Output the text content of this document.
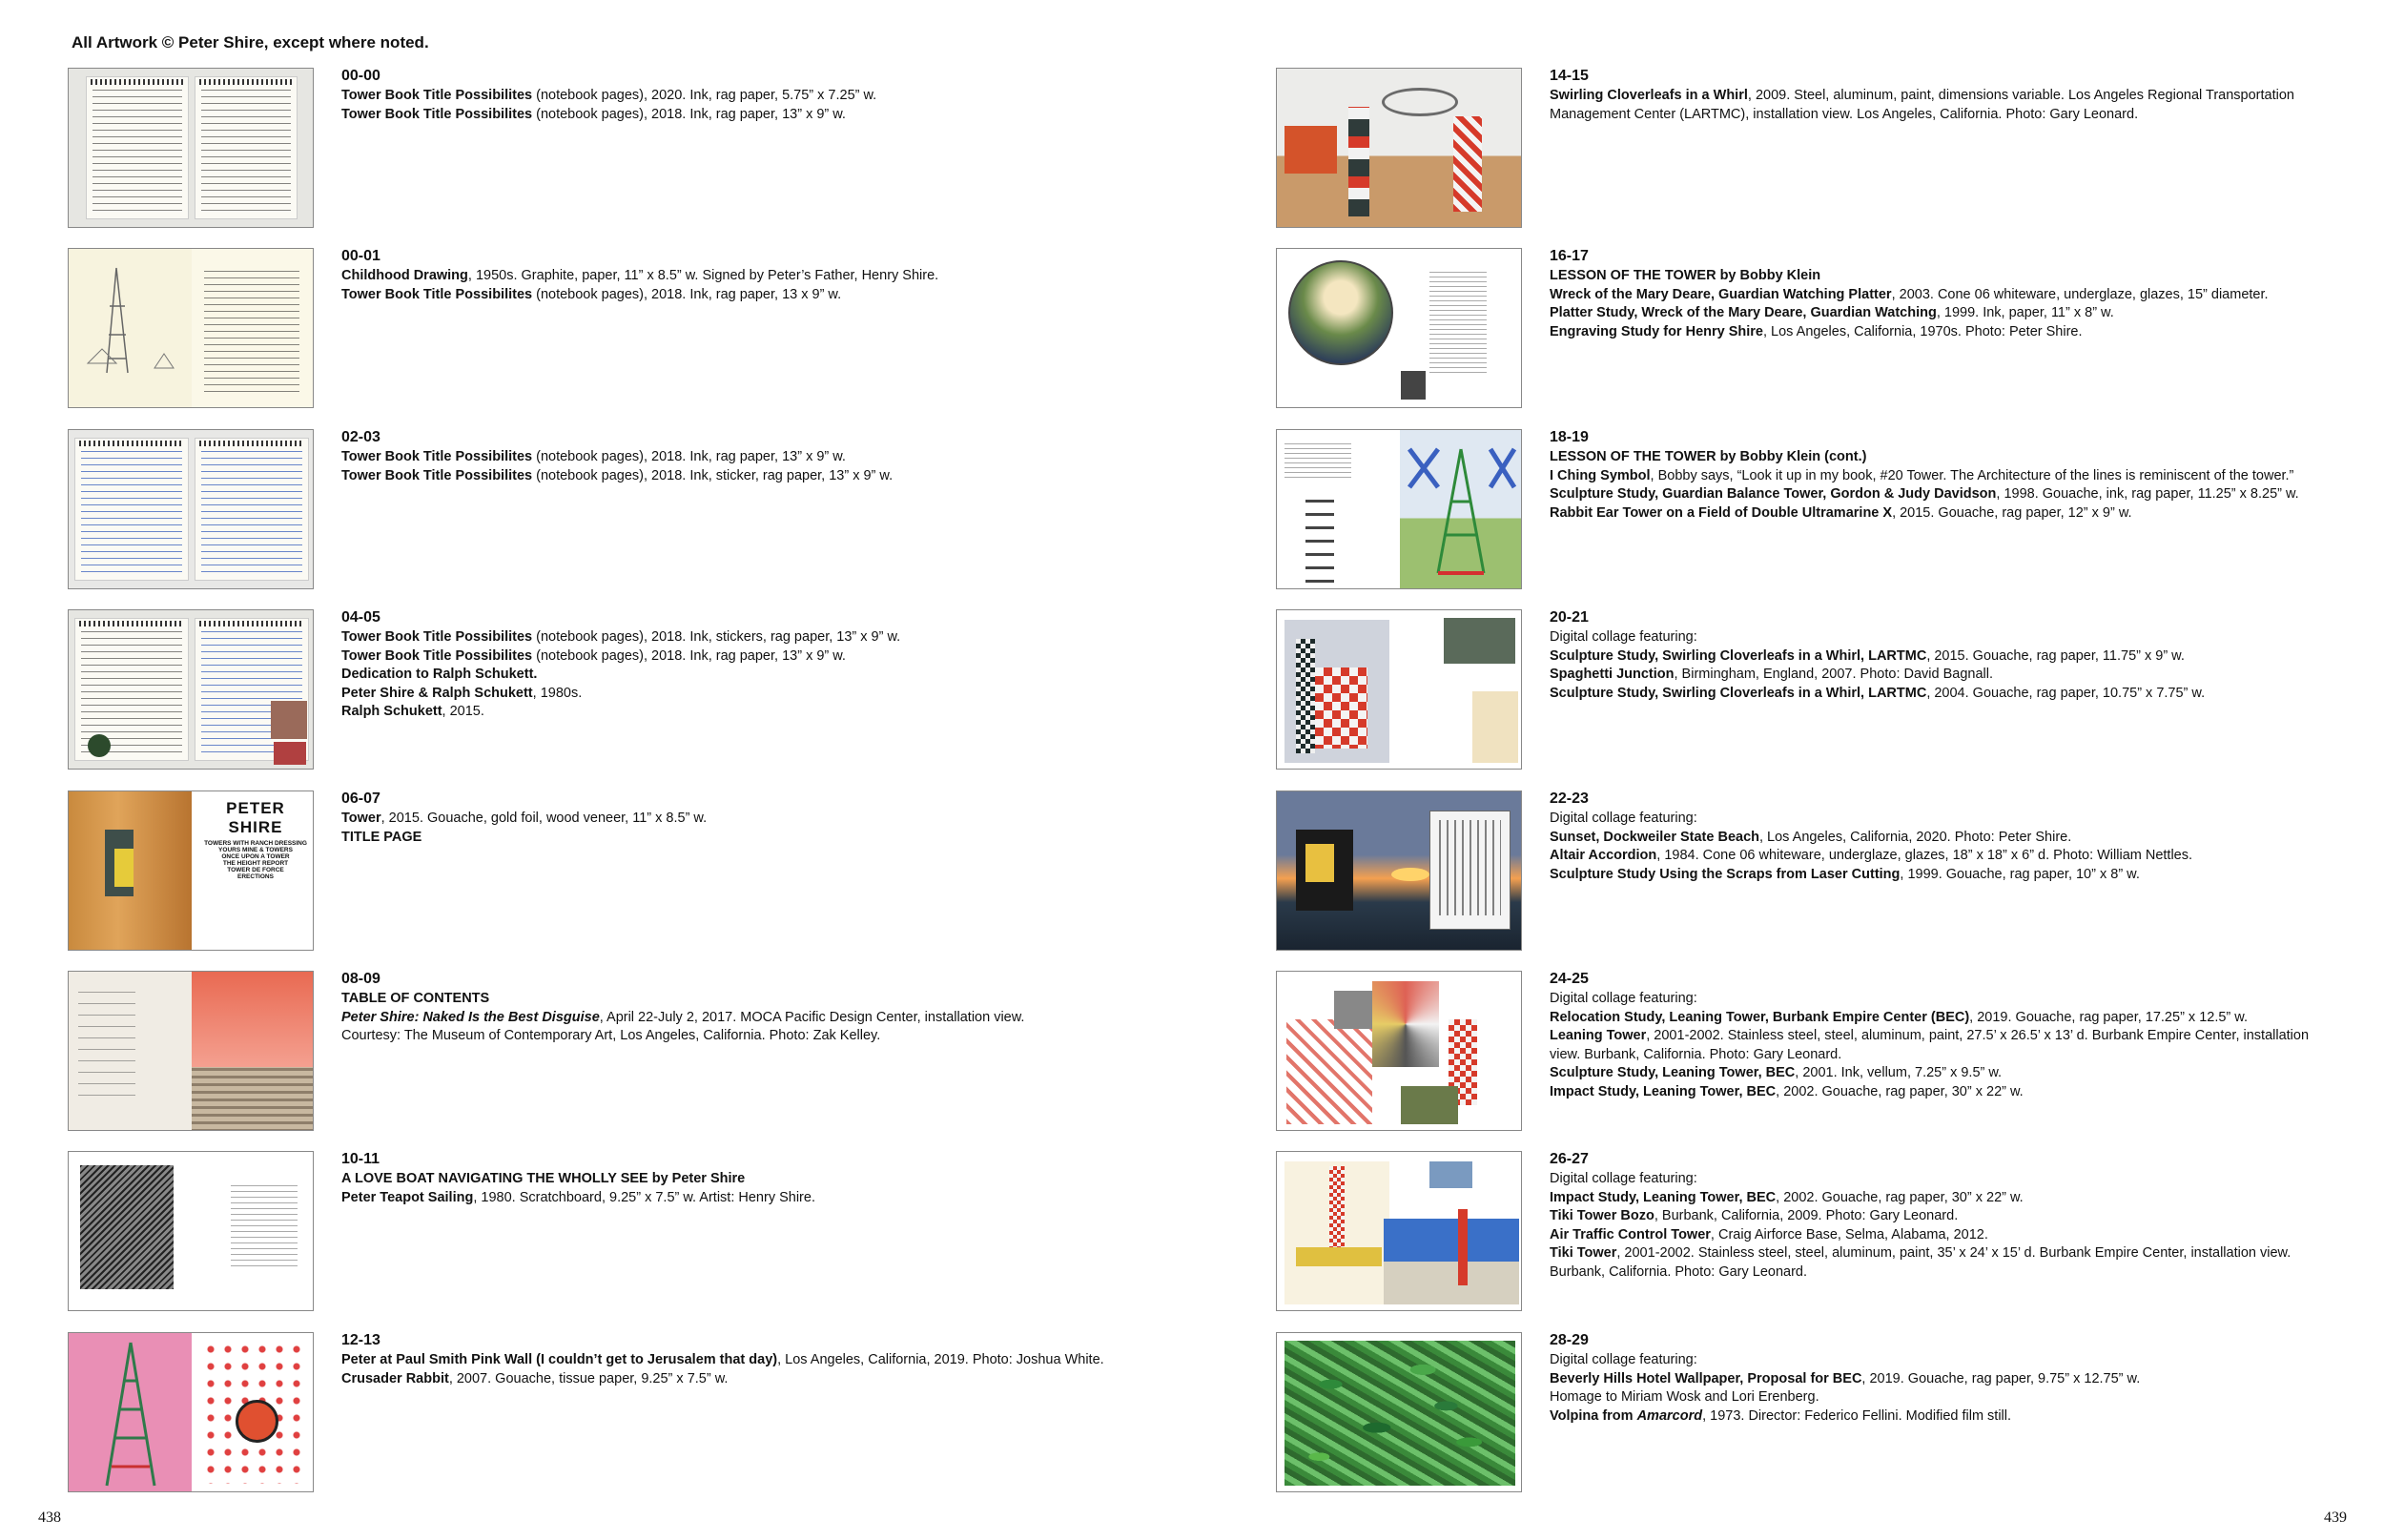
All Artwork © Peter Shire, except where noted.
00-00
Tower Book Title Possibilites (notebook pages), 2020. Ink, rag paper, 5.75” x 7.25” w.
Tower Book Title Possibilites (notebook pages), 2018. Ink, rag paper, 13” x 9” w.
00-01
Childhood Drawing, 1950s. Graphite, paper, 11” x 8.5” w. Signed by Peter’s Father, Henry Shire.
Tower Book Title Possibilites (notebook pages), 2018. Ink, rag paper, 13 x 9” w.
02-03
Tower Book Title Possibilites (notebook pages), 2018. Ink, rag paper, 13” x 9” w.
Tower Book Title Possibilites (notebook pages), 2018. Ink, sticker, rag paper, 13” x 9” w.
04-05
Tower Book Title Possibilites (notebook pages), 2018. Ink, stickers, rag paper, 13” x 9” w.
Tower Book Title Possibilites (notebook pages), 2018. Ink, rag paper, 13” x 9” w.
Dedication to Ralph Schukett.
Peter Shire & Ralph Schukett, 1980s.
Ralph Schukett, 2015.
PETER SHIRE
TOWERS WITH RANCH DRESSING
YOURS MINE & TOWERS
ONCE UPON A TOWER
THE HEIGHT REPORT
TOWER DE FORCE
ERECTIONS
06-07
Tower, 2015. Gouache, gold foil, wood veneer, 11” x 8.5” w.
TITLE PAGE
08-09
TABLE OF CONTENTS
Peter Shire: Naked Is the Best Disguise, April 22-July 2, 2017. MOCA Pacific Design Center, installation view.
Courtesy: The Museum of Contemporary Art, Los Angeles, California. Photo: Zak Kelley.
10-11
A LOVE BOAT NAVIGATING THE WHOLLY SEE by Peter Shire
Peter Teapot Sailing, 1980. Scratchboard, 9.25” x 7.5” w. Artist: Henry Shire.
12-13
Peter at Paul Smith Pink Wall (I couldn’t get to Jerusalem that day), Los Angeles, California, 2019. Photo: Joshua White.
Crusader Rabbit, 2007. Gouache, tissue paper, 9.25” x 7.5” w.
14-15
Swirling Cloverleafs in a Whirl, 2009. Steel, aluminum, paint, dimensions variable. Los Angeles Regional Transportation
Management Center (LARTMC), installation view. Los Angeles, California. Photo: Gary Leonard.
16-17
LESSON OF THE TOWER by Bobby Klein
Wreck of the Mary Deare, Guardian Watching Platter, 2003. Cone 06 whiteware, underglaze, glazes, 15” diameter.
Platter Study, Wreck of the Mary Deare, Guardian Watching, 1999. Ink, paper, 11” x 8” w.
Engraving Study for Henry Shire, Los Angeles, California, 1970s. Photo: Peter Shire.
18-19
LESSON OF THE TOWER by Bobby Klein (cont.)
I Ching Symbol, Bobby says, “Look it up in my book, #20 Tower. The Architecture of the lines is reminiscent of the tower.”
Sculpture Study, Guardian Balance Tower, Gordon & Judy Davidson, 1998. Gouache, ink, rag paper, 11.25” x 8.25” w.
Rabbit Ear Tower on a Field of Double Ultramarine X, 2015. Gouache, rag paper, 12” x 9” w.
20-21
Digital collage featuring:
Sculpture Study, Swirling Cloverleafs in a Whirl, LARTMC, 2015. Gouache, rag paper, 11.75” x 9” w.
Spaghetti Junction, Birmingham, England, 2007. Photo: David Bagnall.
Sculpture Study, Swirling Cloverleafs in a Whirl, LARTMC, 2004. Gouache, rag paper, 10.75” x 7.75” w.
22-23
Digital collage featuring:
Sunset, Dockweiler State Beach, Los Angeles, California, 2020. Photo: Peter Shire.
Altair Accordion, 1984. Cone 06 whiteware, underglaze, glazes, 18” x 18” x 6” d. Photo: William Nettles.
Sculpture Study Using the Scraps from Laser Cutting, 1999. Gouache, rag paper, 10” x 8” w.
24-25
Digital collage featuring:
Relocation Study, Leaning Tower, Burbank Empire Center (BEC), 2019. Gouache, rag paper, 17.25” x 12.5” w.
Leaning Tower, 2001-2002. Stainless steel, steel, aluminum, paint, 27.5’ x 26.5’ x 13’ d. Burbank Empire Center, installation
view. Burbank, California. Photo: Gary Leonard.
Sculpture Study, Leaning Tower, BEC, 2001. Ink, vellum, 7.25” x 9.5” w.
Impact Study, Leaning Tower, BEC, 2002. Gouache, rag paper, 30” x 22” w.
26-27
Digital collage featuring:
Impact Study, Leaning Tower, BEC, 2002. Gouache, rag paper, 30” x 22” w.
Tiki Tower Bozo, Burbank, California, 2009. Photo: Gary Leonard.
Air Traffic Control Tower, Craig Airforce Base, Selma, Alabama, 2012.
Tiki Tower, 2001-2002. Stainless steel, steel, aluminum, paint, 35’ x 24’ x 15’ d. Burbank Empire Center, installation view.
Burbank, California. Photo: Gary Leonard.
28-29
Digital collage featuring:
Beverly Hills Hotel Wallpaper, Proposal for BEC, 2019. Gouache, rag paper, 9.75” x 12.75” w.
Homage to Miriam Wosk and Lori Erenberg.
Volpina from Amarcord, 1973. Director: Federico Fellini. Modified film still.
438	439
